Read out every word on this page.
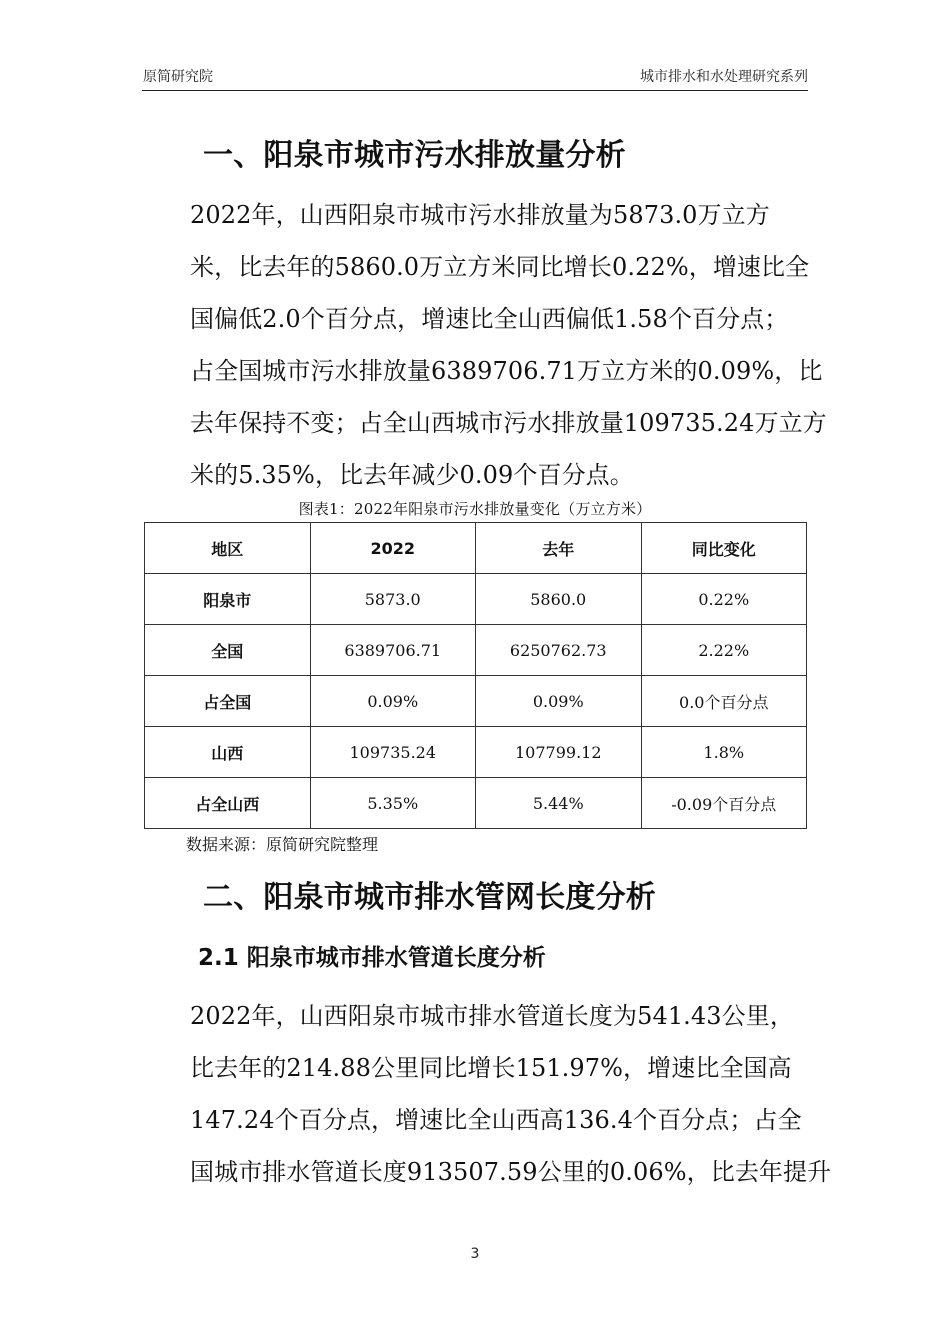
原简研究院	城市排水和水处理研究系列
一、阳泉市城市污水排放量分析
2022年，山西阳泉市城市污水排放量为5873.0万立方
米，比去年的5860.0万立方米同比增长0.22%，增速比全
国偏低2.0个百分点，增速比全山西偏低1.58个百分点；
占全国城市污水排放量6389706.71万立方米的0.09%，比
去年保持不变；占全山西城市污水排放量109735.24万立方
米的5.35%，比去年减少0.09个百分点。
图表1：2022年阳泉市污水排放量变化（万立方米）
地区	2022	去年	同比变化
阳泉市	5873.0	5860.0	0.22%
全国	6389706.71	6250762.73	2.22%
占全国	0.09%	0.09%	0.0个百分点
山西	109735.24	107799.12	1.8%
占全山西	5.35%	5.44%	-0.09个百分点
数据来源：原简研究院整理
二、阳泉市城市排水管网长度分析
2.1 阳泉市城市排水管道长度分析
2022年，山西阳泉市城市排水管道长度为541.43公里，
比去年的214.88公里同比增长151.97%，增速比全国高
147.24个百分点，增速比全山西高136.4个百分点；占全
国城市排水管道长度913507.59公里的0.06%，比去年提升
3
